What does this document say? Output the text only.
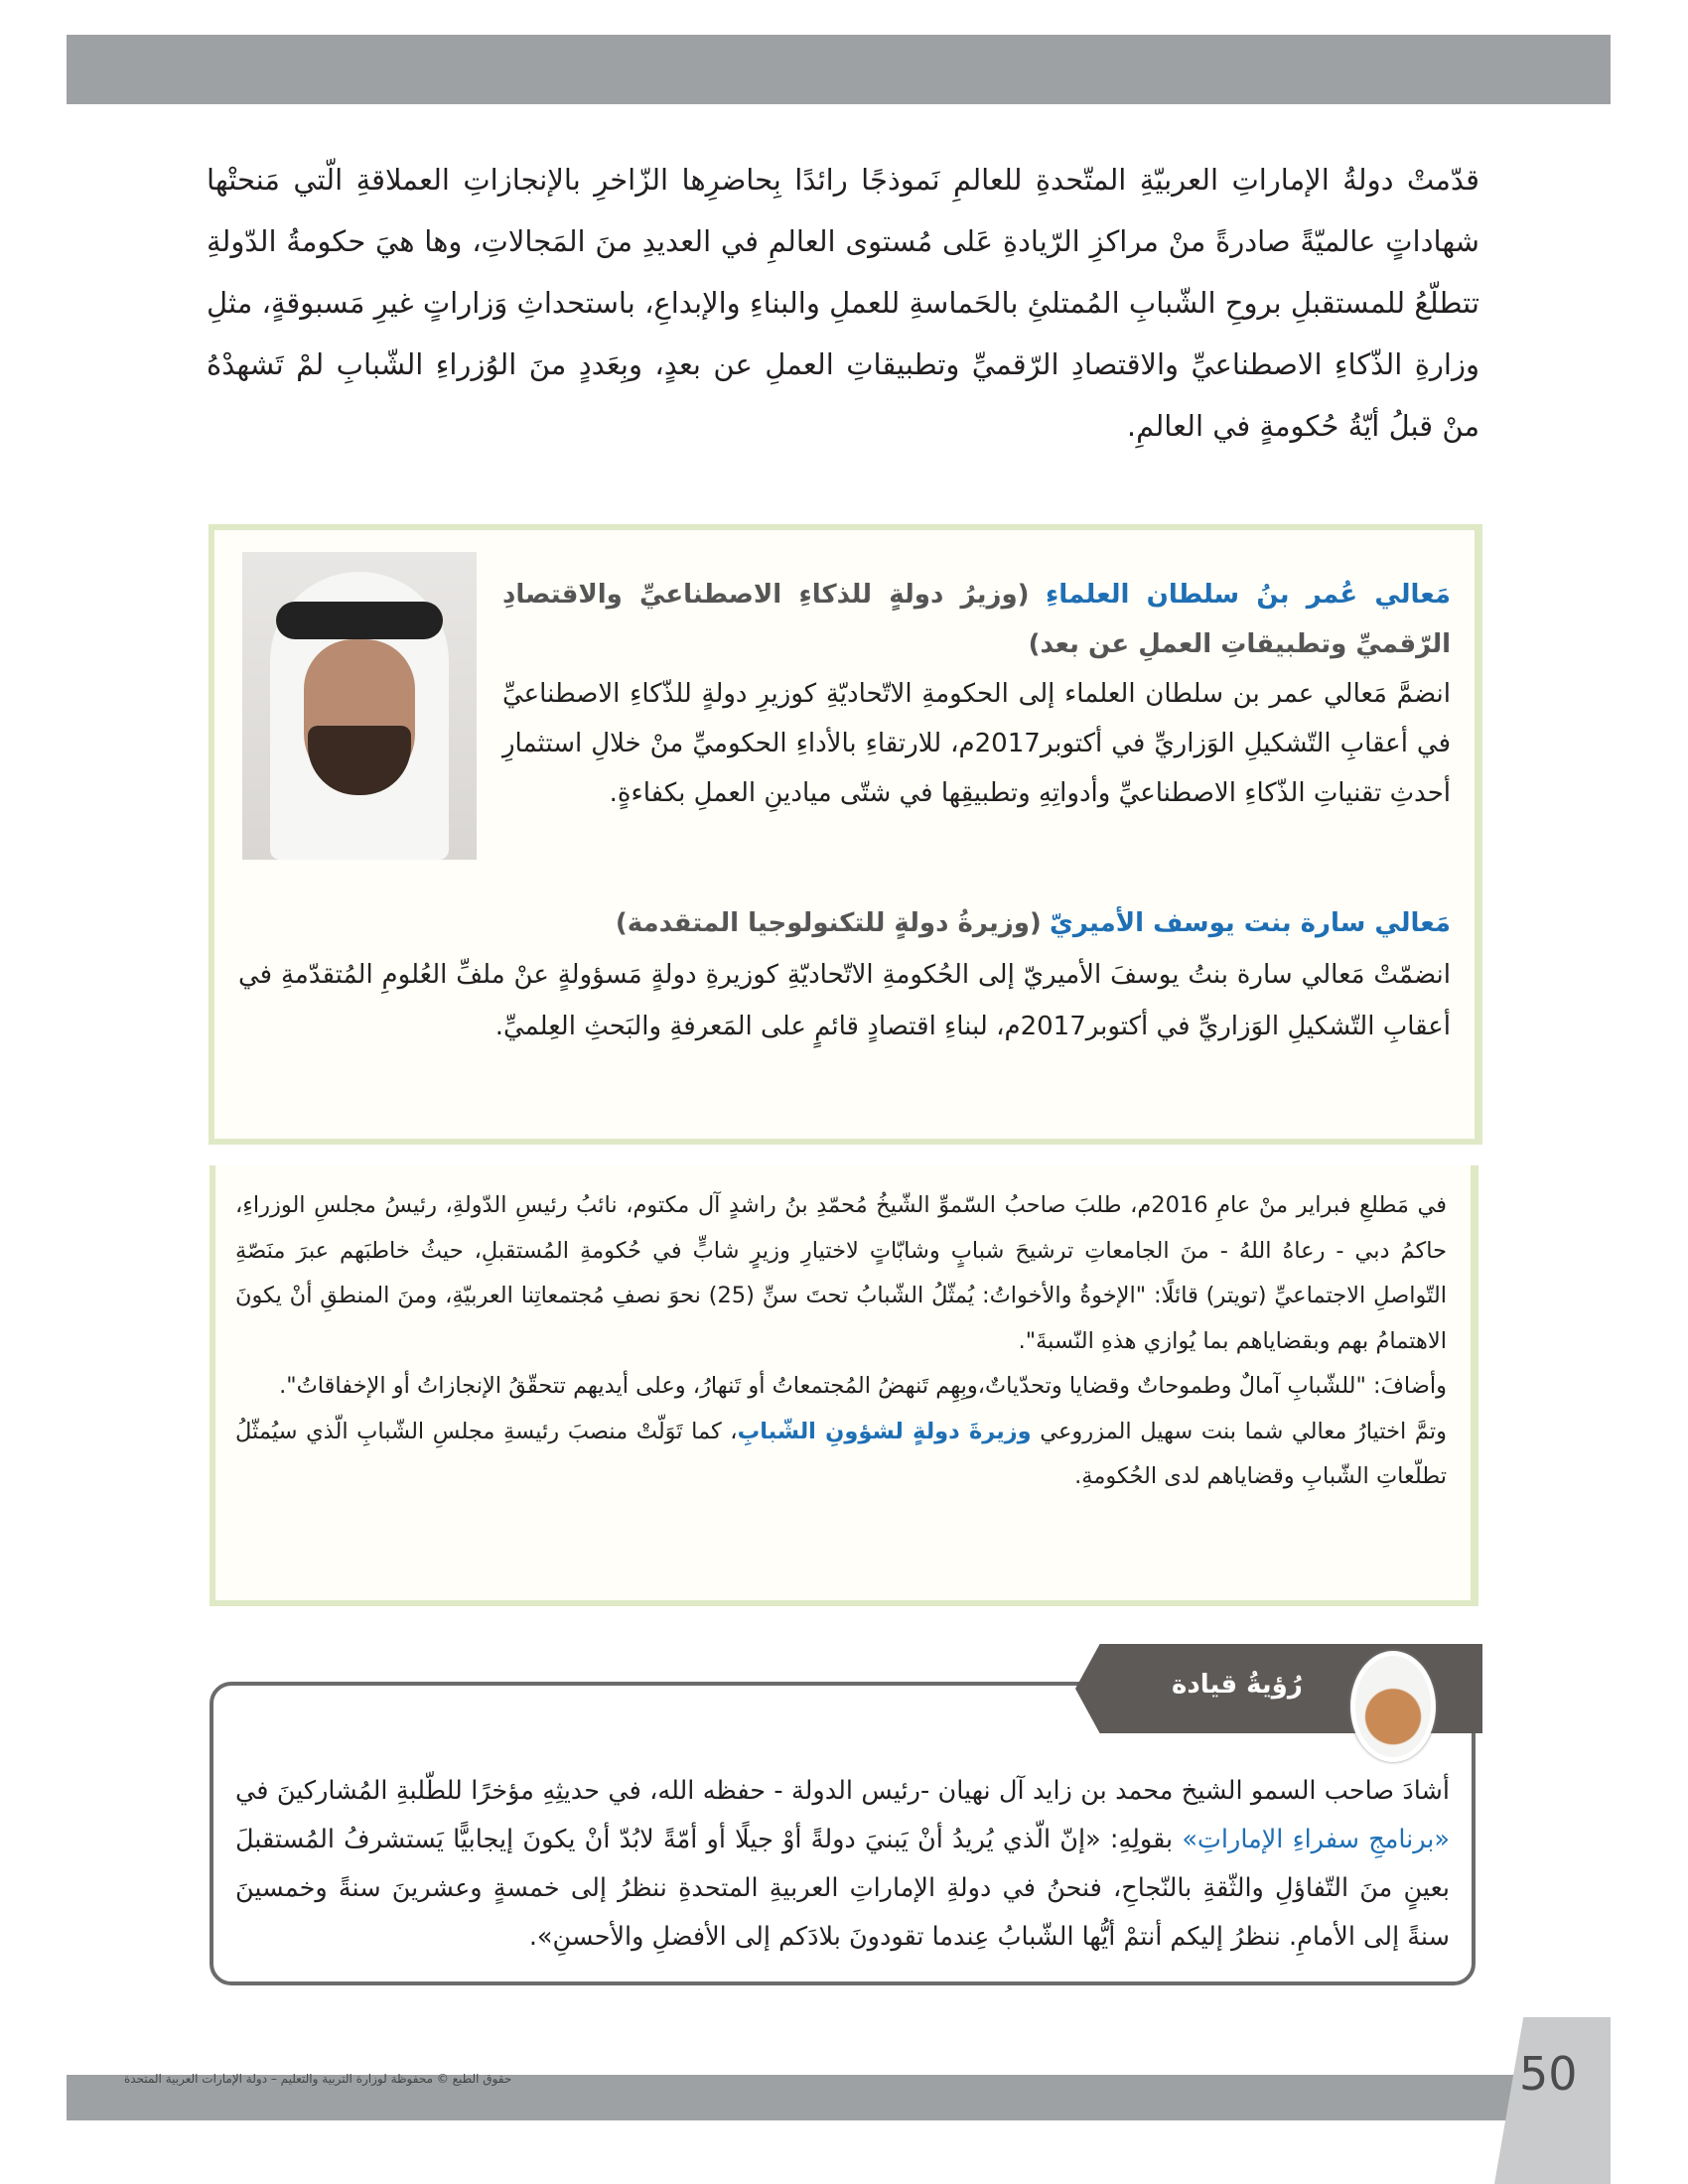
قدّمتْ دولةُ الإماراتِ العربيّةِ المتّحدةِ للعالمِ نَموذجًا رائدًا بِحاضرِها الزّاخرِ بالإنجازاتِ العملاقةِ الّتي مَنحتْها شهاداتٍ عالميّةً صادرةً منْ مراكزِ الرّيادةِ عَلى مُستوى العالمِ في العديدِ منَ المَجالاتِ، وها هيَ حكومةُ الدّولةِ تتطلّعُ للمستقبلِ بروحِ الشّبابِ المُمتلئِ بالحَماسةِ للعملِ والبناءِ والإبداعِ، باستحداثِ وَزاراتٍ غيرِ مَسبوقةٍ، مثلِ وزارةِ الذّكاءِ الاصطناعيِّ والاقتصادِ الرّقميِّ وتطبيقاتِ العملِ عن بعدٍ، وبِعَددٍ منَ الوُزراءِ الشّبابِ لمْ تَشهدْهُ منْ قبلُ أيّةُ حُكومةٍ في العالمِ.

مَعالي عُمر بنُ سلطان العلماءِ (وزيرُ دولةٍ للذكاءِ الاصطناعيِّ والاقتصادِ الرّقميِّ وتطبيقاتِ العملِ عن بعد)
انضمَّ مَعالي عمر بن سلطان العلماء إلى الحكومةِ الاتّحاديّةِ كوزيرِ دولةٍ للذّكاءِ الاصطناعيِّ في أعقابِ التّشكيلِ الوَزاريِّ في أكتوبر2017م، للارتقاءِ بالأداءِ الحكوميِّ منْ خلالِ استثمارِ أحدثِ تقنياتِ الذّكاءِ الاصطناعيِّ وأدواتِهِ وتطبيقِها في شتّى ميادينِ العملِ بكفاءةٍ.

مَعالي سارة بنت يوسف الأميريّ (وزيرةُ دولةٍ للتكنولوجيا المتقدمة)
انضمّتْ مَعالي سارة بنتُ يوسفَ الأميريّ إلى الحُكومةِ الاتّحاديّةِ كوزيرةِ دولةٍ مَسؤولةٍ عنْ ملفِّ العُلومِ المُتقدّمةِ في أعقابِ التّشكيلِ الوَزاريِّ في أكتوبر2017م، لبناءِ اقتصادٍ قائمٍ على المَعرفةِ والبَحثِ العِلميِّ.

في مَطلعِ فبراير منْ عامِ 2016م، طلبَ صاحبُ السّموِّ الشّيخُ مُحمّدِ بنُ راشدٍ آل مكتوم، نائبُ رئيسِ الدّولةِ، رئيسُ مجلسِ الوزراءِ، حاكمُ دبي - رعاهُ اللهُ - منَ الجامعاتِ ترشيحَ شبابٍ وشابّاتٍ لاختيارِ وزيرٍ شابٍّ في حُكومةِ المُستقبلِ، حيثُ خاطبَهم عبرَ منَصّةِ التّواصلِ الاجتماعيِّ (تويتر) قائلًا: "الإخوةُ والأخواتُ: يُمثّلُ الشّبابُ تحتَ سنِّ (25) نحوَ نصفِ مُجتمعاتِنا العربيّةِ، ومنَ المنطقِ أنْ يكونَ الاهتمامُ بهم وبقضاياهم بما يُوازي هذهِ النّسبةَ".

وأضافَ: "للشّبابِ آمالٌ وطموحاتٌ وقضايا وتحدّياتٌ،وبِهِم تَنهضُ المُجتمعاتُ أو تَنهارُ، وعلى أيديهم تتحقّقُ الإنجازاتُ أو الإخفاقاتُ".

وتمَّ اختيارُ معالي شما بنت سهيل المزروعي وزيرةَ دولةٍ لشؤونِ الشّبابِ، كما تَوَلّتْ منصبَ رئيسةِ مجلسِ الشّبابِ الّذي سيُمثّلُ تطلّعاتِ الشّبابِ وقضاياهم لدى الحُكومةِ.

أشادَ صاحب السمو الشيخ محمد بن زايد آل نهيان -رئيس الدولة - حفظه الله، في حديثِهِ مؤخرًا للطّلبةِ المُشاركينَ في «برنامجِ سفراءِ الإماراتِ» بقولِهِ: «إنّ الّذي يُريدُ أنْ يَبنيَ دولةً أوْ جيلًا أو أمّةً لابُدّ أنْ يكونَ إيجابيًّا يَستشرفُ المُستقبلَ بعينٍ منَ التّفاؤلِ والثّقةِ بالنّجاحِ، فنحنُ في دولةِ الإماراتِ العربيةِ المتحدةِ ننظرُ إلى خمسةٍ وعشرينَ سنةً وخمسينَ سنةً إلى الأمامِ. ننظرُ إليكم أنتمْ أيُّها الشّبابُ عِندما تقودونَ بلادَكم إلى الأفضلِ والأحسنِ».

رُؤيةُ قيادة
50
حقوق الطبع © محفوظة لوزارة التربية والتعليم – دولة الإمارات العربية المتحدة
